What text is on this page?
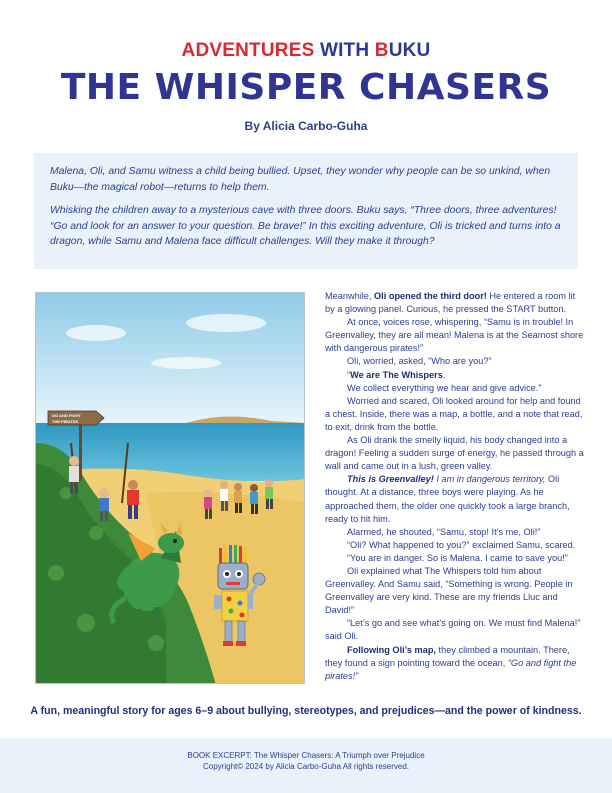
ADVENTURES WITH BUKU
THE WHISPER CHASERS
By Alicia Carbo-Guha

Malena, Oli, and Samu witness a child being bullied. Upset, they wonder why people can be so unkind, when Buku—the magical robot—returns to help them.

Whisking the children away to a mysterious cave with three doors. Buku says, “Three doors, three adventures! “Go and look for an answer to your question. Be brave!” In this exciting adventure, Oli is tricked and turns into a dragon, while Samu and Malena face difficult challenges. Will they make it through?

GO AND FIGHT
THE PIRATES

Meanwhile, Oli opened the third door! He entered a room lit by a glowing panel. Curious, he pressed the START button.

At once, voices rose, whispering, “Samu is in trouble! In Greenvalley, they are all mean! Malena is at the Seamost shore with dangerous pirates!”

Oli, worried, asked, “Who are you?”

“We are The Whispers.

We collect everything we hear and give advice.”

Worried and scared, Oli looked around for help and found a chest. Inside, there was a map, a bottle, and a note that read, to exit, drink from the bottle.

As Oli drank the smelly liquid, his body changed into a dragon! Feeling a sudden surge of energy, he passed through a wall and came out in a lush, green valley.

This is Greenvalley! I am in dangerous territory, Oli thought. At a distance, three boys were playing. As he approached them, the older one quickly took a large branch, ready to hit him.

Alarmed, he shouted, “Samu, stop! It’s me, Oli!”

“Oli? What happened to you?” exclaimed Samu, scared.

“You are in danger. So is Malena. I came to save you!”

Oli explained what The Whispers told him about Greenvalley. And Samu said, “Something is wrong. People in Greenvalley are very kind. These are my friends Lluc and David!”

“Let’s go and see what’s going on. We must find Malena!” said Oli.

Following Oli’s map, they climbed a mountain. There, they found a sign pointing toward the ocean, “Go and fight the pirates!”

A fun, meaningful story for ages 6–9 about bullying, stereotypes, and prejudices—and the power of kindness.
BOOK EXCERPT: The Whisper Chasers: A Triumph over Prejudice
Copyright© 2024 by Alicia Carbo-Guha All rights reserved.
